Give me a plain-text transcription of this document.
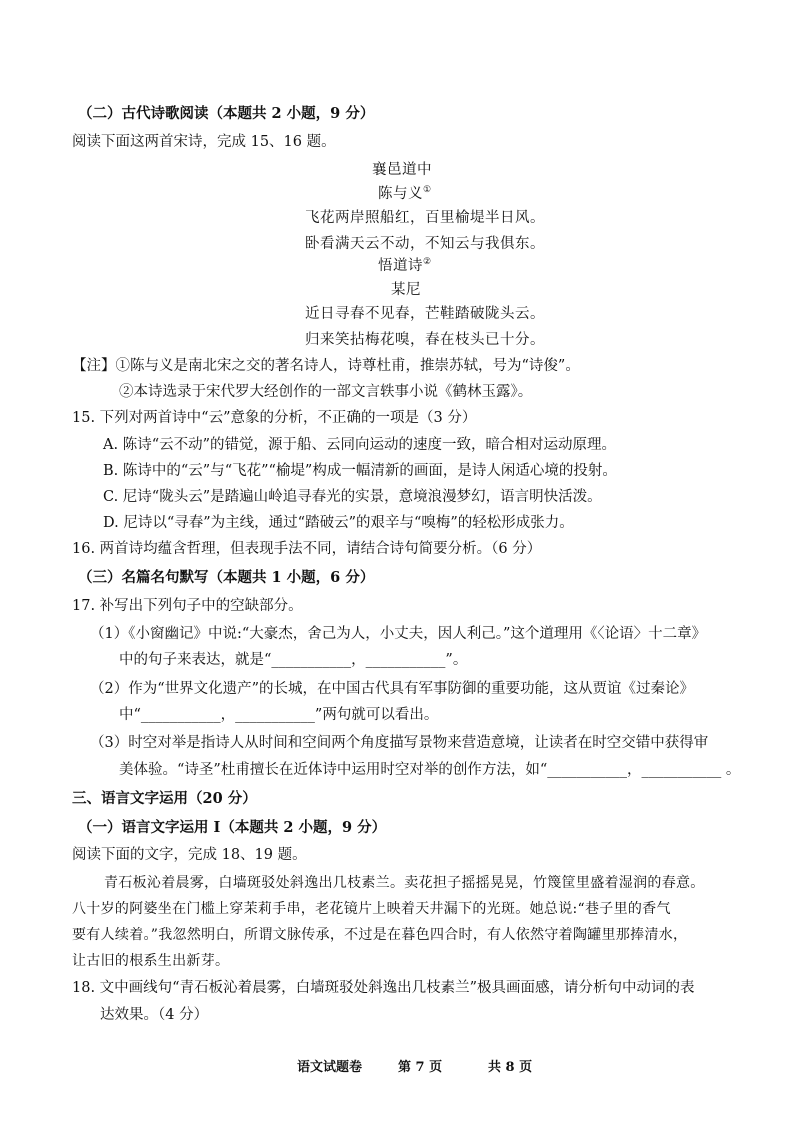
（二）古代诗歌阅读（本题共 2 小题，9 分）
阅读下面这两首宋诗，完成 15、16 题。
襄邑道中
陈与义①
飞花两岸照船红，百里榆堤半日风。
卧看满天云不动，不知云与我俱东。
悟道诗②
某尼
近日寻春不见春，芒鞋踏破陇头云。
归来笑拈梅花嗅，春在枝头已十分。
【注】①陈与义是南北宋之交的著名诗人，诗尊杜甫，推崇苏轼，号为“诗俊”。
②本诗选录于宋代罗大经创作的一部文言轶事小说《鹤林玉露》。
15. 下列对两首诗中“云”意象的分析，不正确的一项是（3 分）
A. 陈诗“云不动”的错觉，源于船、云同向运动的速度一致，暗合相对运动原理。
B. 陈诗中的“云”与“飞花”“榆堤”构成一幅清新的画面，是诗人闲适心境的投射。
C. 尼诗“陇头云”是踏遍山岭追寻春光的实景，意境浪漫梦幻，语言明快活泼。
D. 尼诗以“寻春”为主线，通过“踏破云”的艰辛与“嗅梅”的轻松形成张力。
16. 两首诗均蕴含哲理，但表现手法不同，请结合诗句简要分析。（6 分）
（三）名篇名句默写（本题共 1 小题，6 分）
17. 补写出下列句子中的空缺部分。
（1）《小窗幽记》中说:“大豪杰，舍己为人，小丈夫，因人利己。”这个道理用《〈论语〉十二章》
中的句子来表达，就是“___________，___________”。
（2）作为“世界文化遗产”的长城，在中国古代具有军事防御的重要功能，这从贾谊《过秦论》
中“___________，___________”两句就可以看出。
（3）时空对举是指诗人从时间和空间两个角度描写景物来营造意境，让读者在时空交错中获得审
美体验。“诗圣”杜甫擅长在近体诗中运用时空对举的创作方法，如“___________，___________ 。
三、语言文字运用（20 分）
（一）语言文字运用 I（本题共 2 小题，9 分）
阅读下面的文字，完成 18、19 题。
青石板沁着晨雾，白墙斑驳处斜逸出几枝素兰。卖花担子摇摇晃晃，竹篾筐里盛着湿润的春意。
八十岁的阿婆坐在门槛上穿茉莉手串，老花镜片上映着天井漏下的光斑。她总说:“巷子里的香气
要有人续着。”我忽然明白，所谓文脉传承，不过是在暮色四合时，有人依然守着陶罐里那捧清水，
让古旧的根系生出新芽。
18. 文中画线句“青石板沁着晨雾，白墙斑驳处斜逸出几枝素兰”极具画面感，请分析句中动词的表
达效果。（4 分）
语文试题卷	第 7 页	共 8 页
